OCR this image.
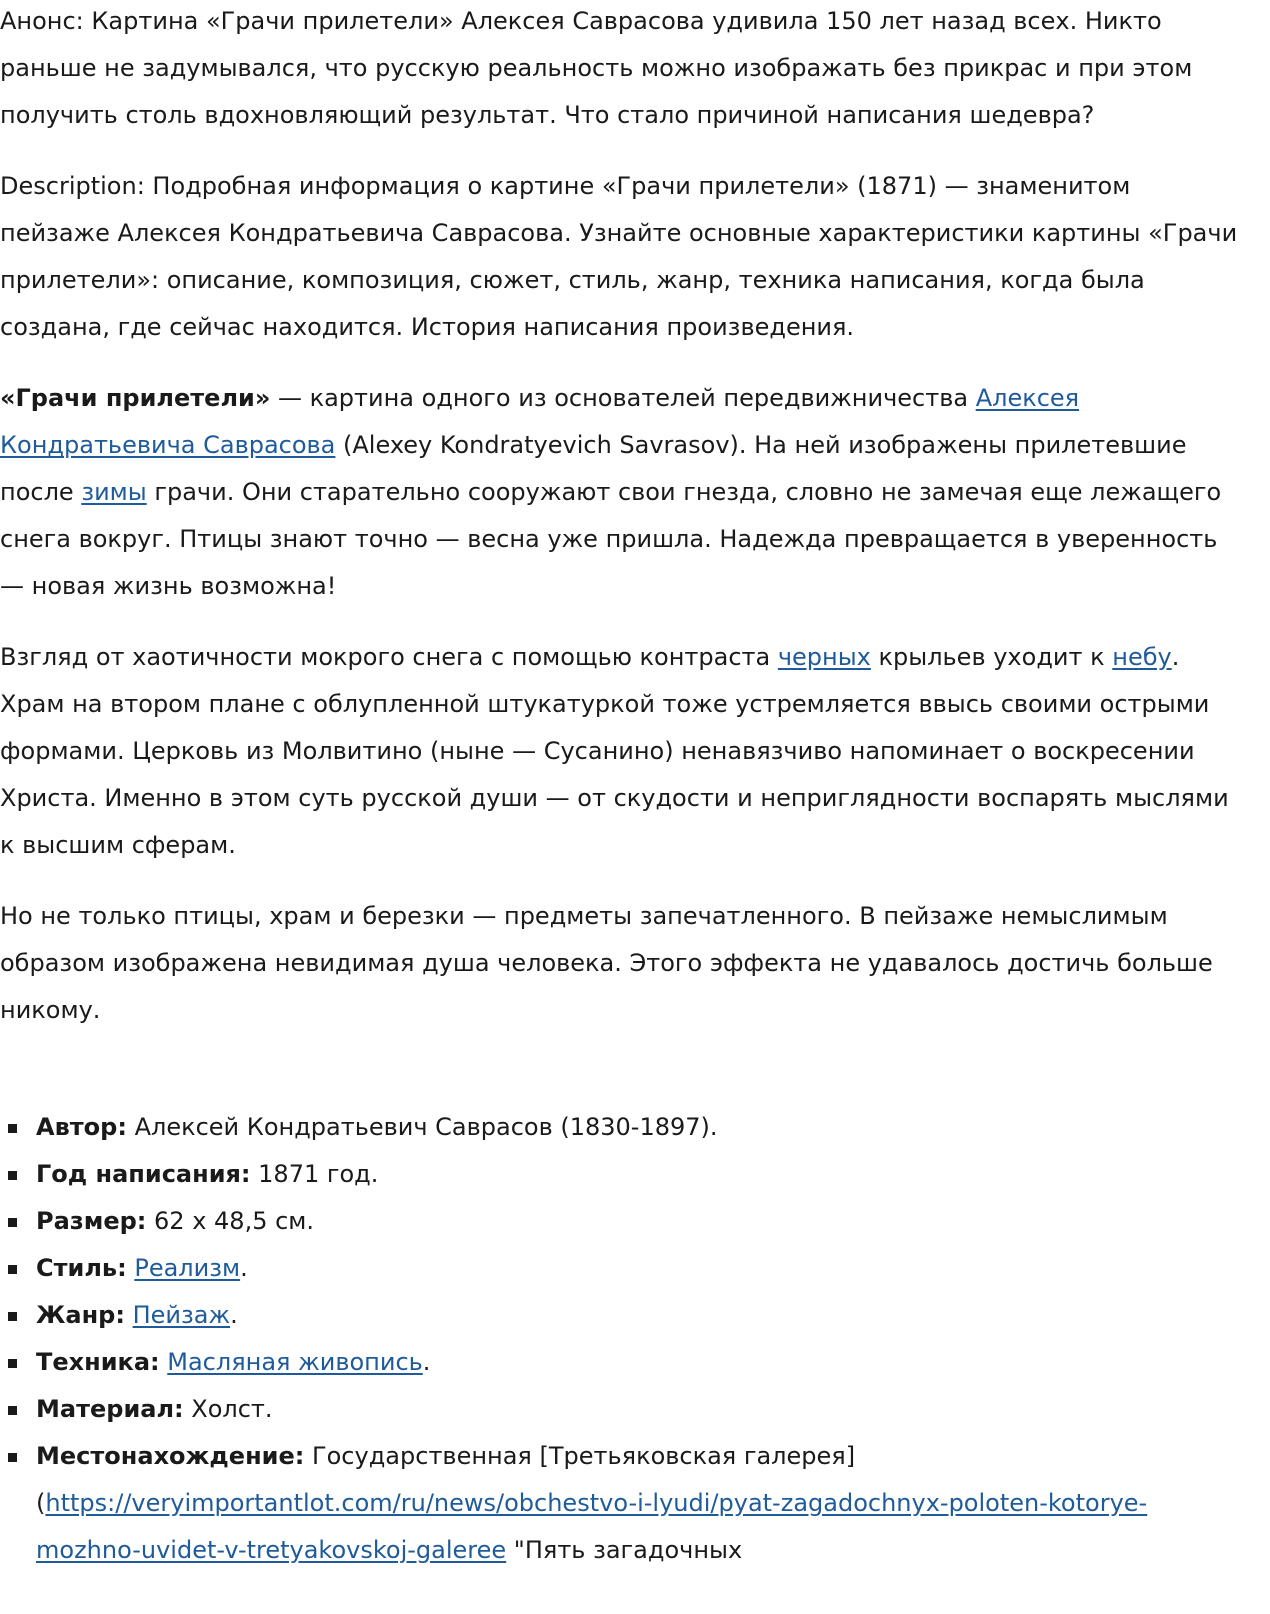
Анонс: Картина «Грачи прилетели» Алексея Саврасова удивила 150 лет назад всех. Никто раньше не задумывался, что русскую реальность можно изображать без прикрас и при этом получить столь вдохновляющий результат. Что стало причиной написания шедевра?

Description: Подробная информация о картине «Грачи прилетели» (1871) — знаменитом пейзаже Алексея Кондратьевича Саврасова. Узнайте основные характеристики картины «Грачи прилетели»: описание, композиция, сюжет, стиль, жанр, техника написания, когда была создана, где сейчас находится. История написания произведения.

«Грачи прилетели» — картина одного из основателей передвижничества Алексея Кондратьевича Саврасова (Alexey Kondratyevich Savrasov). На ней изображены прилетевшие после зимы грачи. Они старательно сооружают свои гнезда, словно не замечая еще лежащего снега вокруг. Птицы знают точно — весна уже пришла. Надежда превращается в уверенность — новая жизнь возможна!

Взгляд от хаотичности мокрого снега с помощью контраста черных крыльев уходит к небу. Храм на втором плане с облупленной штукатуркой тоже устремляется ввысь своими острыми формами. Церковь из Молвитино (ныне — Сусанино) ненавязчиво напоминает о воскресении Христа. Именно в этом суть русской души — от скудости и неприглядности воспарять мыслями к высшим сферам.

Но не только птицы, храм и березки — предметы запечатленного. В пейзаже немыслимым образом изображена невидимая душа человека. Этого эффекта не удавалось достичь больше никому.

Автор: Алексей Кондратьевич Саврасов (1830-1897).
Год написания: 1871 год.
Размер: 62 x 48,5 см.
Стиль: Реализм.
Жанр: Пейзаж.
Техника: Масляная живопись.
Материал: Холст.
Местонахождение: Государственная [Третьяковская галерея] (https://veryimportantlot.com/ru/news/obchestvo-i-lyudi/pyat-zagadochnyx-poloten-kotorye-mozhno-uvidet-v-tretyakovskoj-galeree "Пять загадочных
